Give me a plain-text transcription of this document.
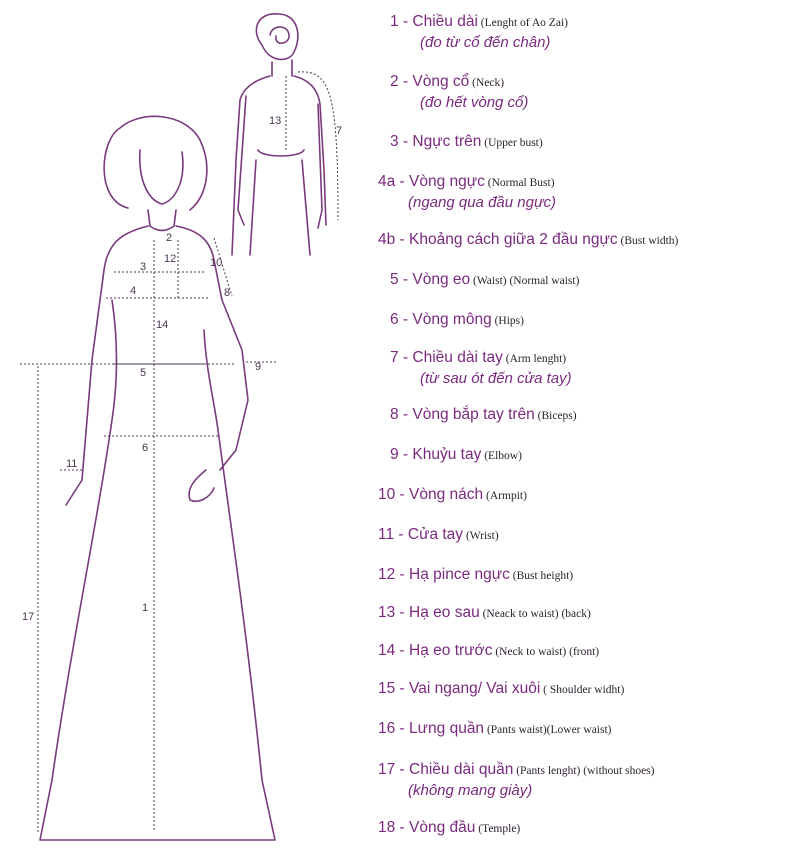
1
2
3
4
5
6
7
8
9
10
11
12
13
14
17
1 - Chiều dài (Lenght of Ao Zai)
(đo từ cổ đến chân)
2 - Vòng cổ (Neck)
(đo hết vòng cổ)
3 - Ngực trên (Upper bust)
4a - Vòng ngực (Normal Bust)
(ngang qua đầu ngực)
4b - Khoảng cách giữa 2 đầu ngực (Bust width)
5 - Vòng eo (Waist) (Normal waist)
6 - Vòng mông (Hips)
7 - Chiều dài tay (Arm lenght)
(từ sau ót đến cửa tay)
8 - Vòng bắp tay trên (Biceps)
9 - Khuỷu tay (Elbow)
10 - Vòng nách (Armpit)
11 - Cửa tay (Wrist)
12 - Hạ pince ngực (Bust height)
13 - Hạ eo sau (Neack to waist) (back)
14 - Hạ eo trước (Neck to waist) (front)
15 - Vai ngang/ Vai xuôi ( Shoulder widht)
16 - Lưng quần (Pants waist)(Lower waist)
17 - Chiều dài quần (Pants lenght) (without shoes)
(không mang giày)
18 - Vòng đầu (Temple)
